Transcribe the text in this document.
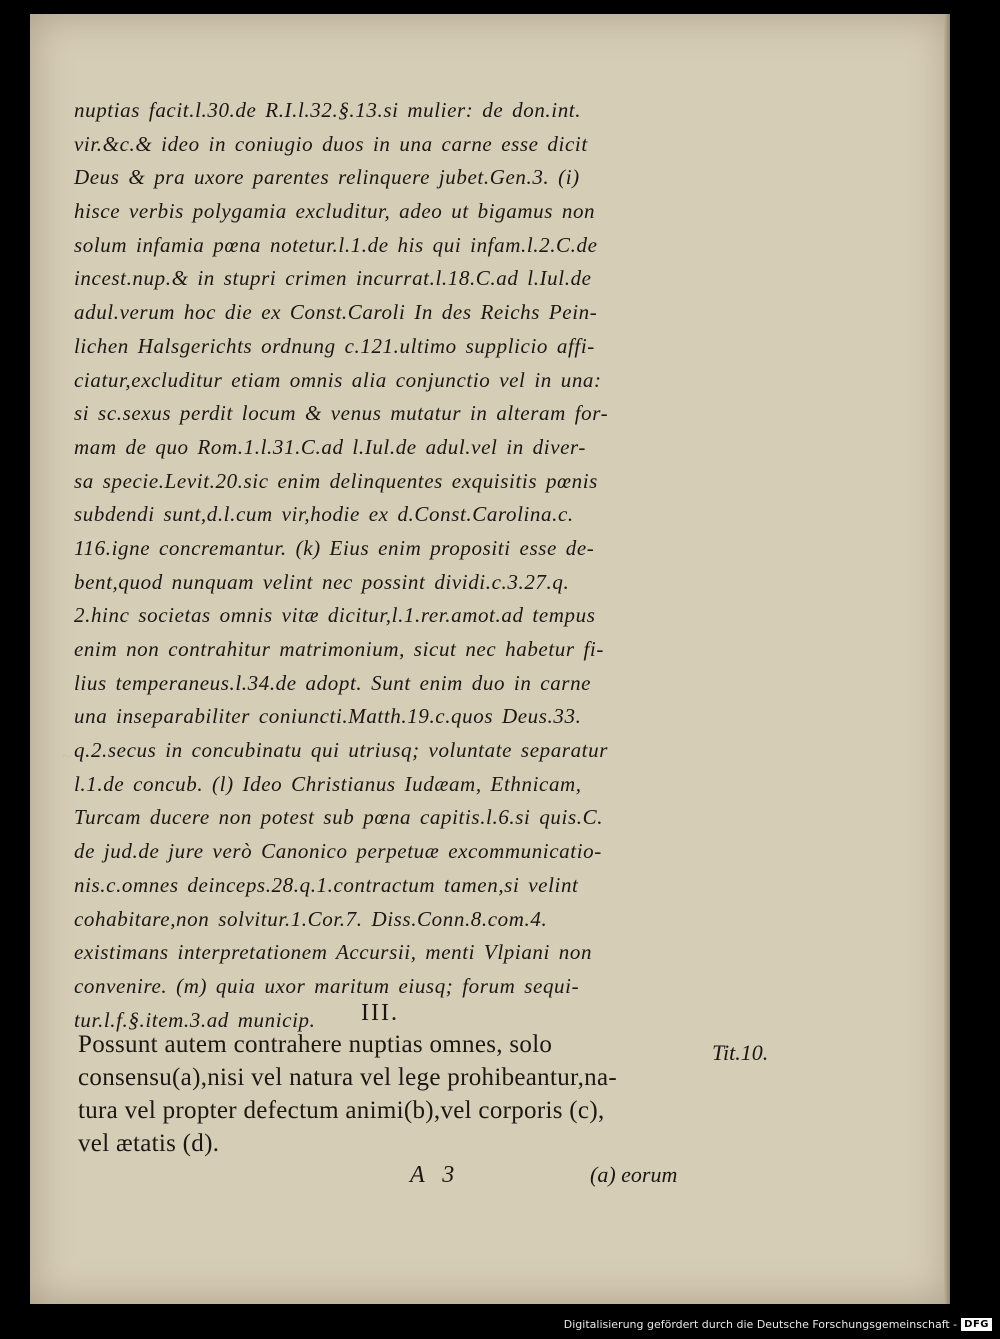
nuptias facit.l.30.de R.I.l.32.§.13.si mulier: de don.int.
vir.&c.& ideo in coniugio duos in una carne esse dicit
Deus & pra uxore parentes relinquere jubet.Gen.3. (i)
hisce verbis polygamia excluditur, adeo ut bigamus non
solum infamia pœna notetur.l.1.de his qui infam.l.2.C.de
incest.nup.& in stupri crimen incurrat.l.18.C.ad l.Iul.de
adul.verum hoc die ex Const.Caroli In des Reichs Pein-
lichen Halsgerichts ordnung c.121.ultimo supplicio affi-
ciatur,excluditur etiam omnis alia conjunctio vel in una:
si sc.sexus perdit locum & venus mutatur in alteram for-
mam de quo Rom.1.l.31.C.ad l.Iul.de adul.vel in diver-
sa specie.Levit.20.sic enim delinquentes exquisitis pœnis
subdendi sunt,d.l.cum vir,hodie ex d.Const.Carolina.c.
116.igne concremantur. (k) Eius enim propositi esse de-
bent,quod nunquam velint nec possint dividi.c.3.27.q.
2.hinc societas omnis vitæ dicitur,l.1.rer.amot.ad tempus
enim non contrahitur matrimonium, sicut nec habetur fi-
lius temperaneus.l.34.de adopt. Sunt enim duo in carne
una inseparabiliter coniuncti.Matth.19.c.quos Deus.33.
q.2.secus in concubinatu qui utriusq; voluntate separatur
l.1.de concub. (l) Ideo Christianus Iudæam, Ethnicam,
Turcam ducere non potest sub pœna capitis.l.6.si quis.C.
de jud.de jure verò Canonico perpetuæ excommunicatio-
nis.c.omnes deinceps.28.q.1.contractum tamen,si velint
cohabitare,non solvitur.1.Cor.7. Diss.Conn.8.com.4.
existimans interpretationem Accursii, menti Vlpiani non
convenire. (m) quia uxor maritum eiusq; forum sequi-
tur.l.f.§.item.3.ad municip.	III.
Possunt autem contrahere nuptias omnes, solo
consensu(a),nisi vel natura vel lege prohibeantur,na-
tura vel propter defectum animi(b),vel corporis (c),
vel ætatis (d).
Tit.10.
A 3	(a) eorum
~
Digitalisierung gefördert durch die Deutsche Forschungsgemeinschaft - DFG
